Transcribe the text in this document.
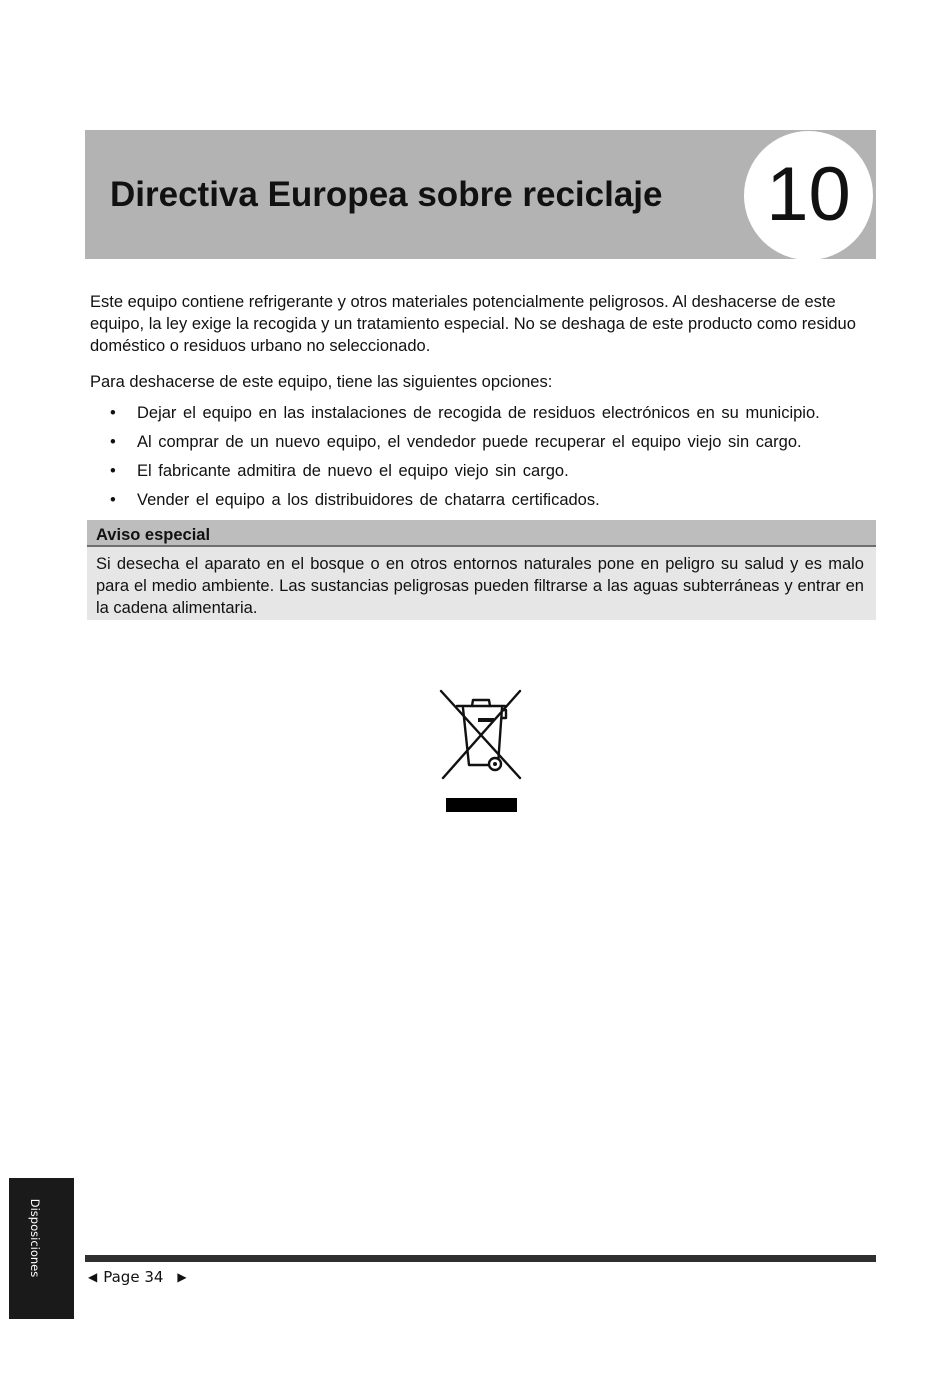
Directiva Europea sobre reciclaje 10

Este equipo contiene refrigerante y otros materiales potencialmente peligrosos. Al deshacerse de este equipo, la ley exige la recogida y un tratamiento especial. No se deshaga de este producto como residuo doméstico o residuos urbano no seleccionado.

Para deshacerse de este equipo, tiene las siguientes opciones:

• Dejar el equipo en las instalaciones de recogida de residuos electrónicos en su municipio.
• Al comprar de un nuevo equipo, el vendedor puede recuperar el equipo viejo sin cargo.
• El fabricante admitira de nuevo el equipo viejo sin cargo.
• Vender el equipo a los distribuidores de chatarra certificados.
Aviso especial

Si desecha el aparato en el bosque o en otros entornos naturales pone en peligro su salud y es malo para el medio ambiente. Las sustancias peligrosas pueden filtrarse a las aguas subterráneas y entrar en la cadena alimentaria.

◀ Page 34 ▶
Disposiciones
